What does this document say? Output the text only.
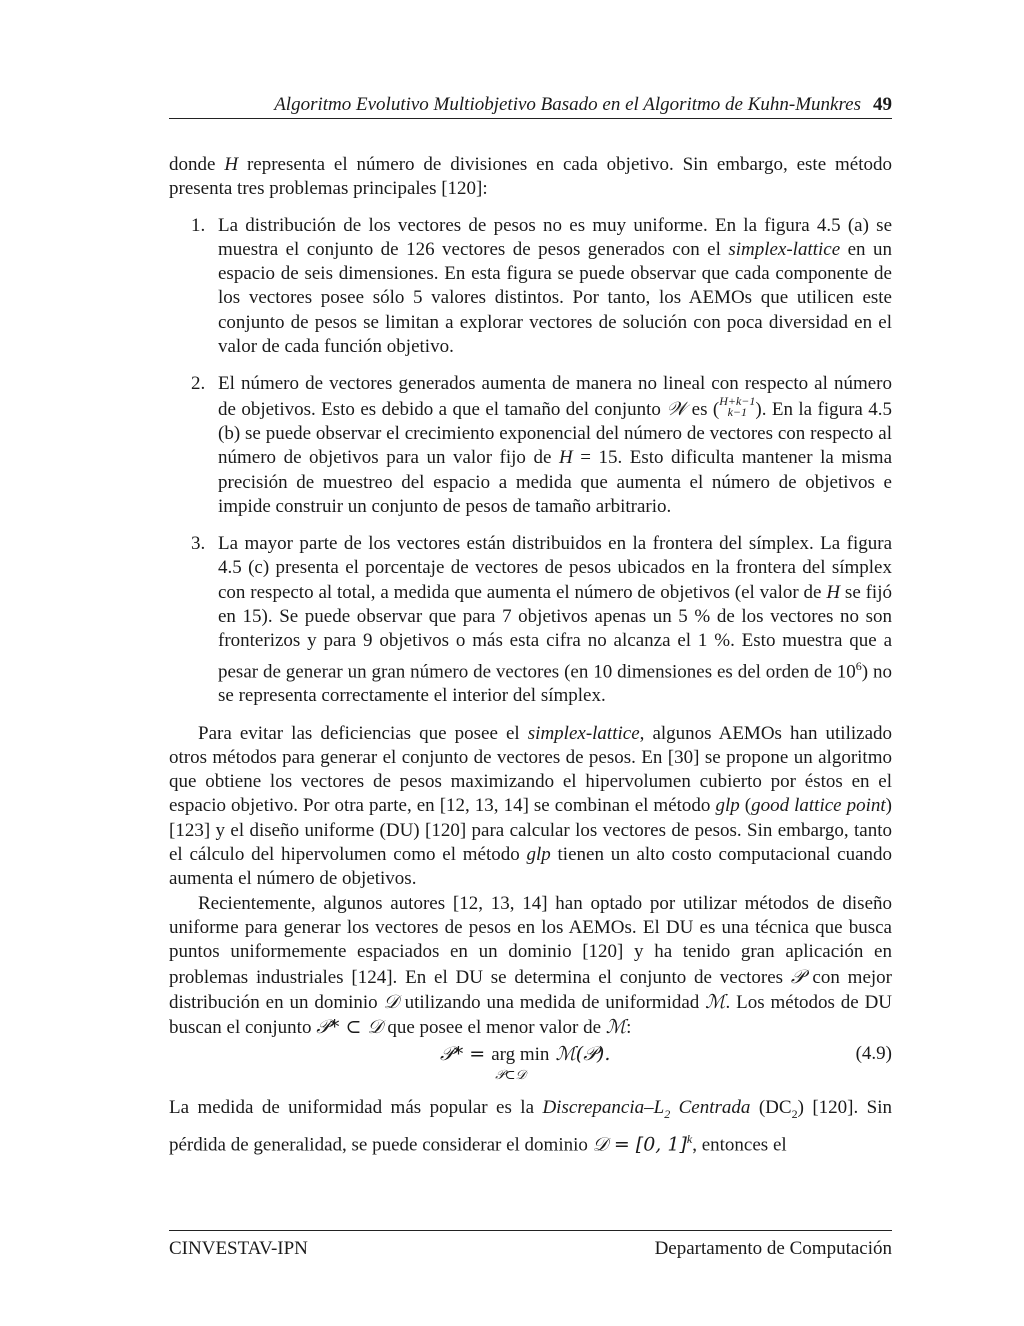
Algoritmo Evolutivo Multiobjetivo Basado en el Algoritmo de Kuhn-Munkres 49

donde H representa el número de divisiones en cada objetivo. Sin embargo, este método presenta tres problemas principales [120]:

1. La distribución de los vectores de pesos no es muy uniforme. En la figura 4.5 (a) se muestra el conjunto de 126 vectores de pesos generados con el simplex-lattice en un espacio de seis dimensiones. En esta figura se puede observar que cada componente de los vectores posee sólo 5 valores distintos. Por tanto, los AEMOs que utilicen este conjunto de pesos se limitan a explorar vectores de solución con poca diversidad en el valor de cada función objetivo.
2. El número de vectores generados aumenta de manera no lineal con respecto al número de objetivos. Esto es debido a que el tamaño del conjunto 𝒲 es ( H+k−1
k−1 ). En la figura 4.5 (b) se puede observar el crecimiento exponencial del número de vectores con respecto al número de objetivos para un valor fijo de H = 15. Esto dificulta mantener la misma precisión de muestreo del espacio a medida que aumenta el número de objetivos e impide construir un conjunto de pesos de tamaño arbitrario.
3. La mayor parte de los vectores están distribuidos en la frontera del símplex. La figura 4.5 (c) presenta el porcentaje de vectores de pesos ubicados en la frontera del símplex con respecto al total, a medida que aumenta el número de objetivos (el valor de H se fijó en 15). Se puede observar que para 7 objetivos apenas un 5 % de los vectores no son fronterizos y para 9 objetivos o más esta cifra no alcanza el 1 %. Esto muestra que a pesar de generar un gran número de vectores (en 10 dimensiones es del orden de $10^6$) no se representa correctamente el interior del símplex.

Para evitar las deficiencias que posee el simplex-lattice, algunos AEMOs han utilizado otros métodos para generar el conjunto de vectores de pesos. En [30] se propone un algoritmo que obtiene los vectores de pesos maximizando el hipervolumen cubierto por éstos en el espacio objetivo. Por otra parte, en [12, 13, 14] se combinan el método glp (good lattice point) [123] y el diseño uniforme (DU) [120] para calcular los vectores de pesos. Sin embargo, tanto el cálculo del hipervolumen como el método glp tienen un alto costo computacional cuando aumenta el número de objetivos.

Recientemente, algunos autores [12, 13, 14] han optado por utilizar métodos de diseño uniforme para generar los vectores de pesos en los AEMOs. El DU es una técnica que busca puntos uniformemente espaciados en un dominio [120] y ha tenido gran aplicación en problemas industriales [124]. En el DU se determina el conjunto de vectores 𝒫 con mejor distribución en un dominio 𝒟 utilizando una medida de uniformidad ℳ. Los métodos de DU buscan el conjunto 𝒫* ⊂ 𝒟 que posee el menor valor de ℳ:

𝒫* = arg min
𝒫⊂𝒟
ℳ(𝒫).	(4.9)

La medida de uniformidad más popular es la Discrepancia–$L_2$ Centrada $(DC_2)$ [120]. Sin pérdida de generalidad, se puede considerar el dominio 𝒟 = [0, 1]$^k$, entonces el

CINVESTAV-IPN	Departamento de Computación
